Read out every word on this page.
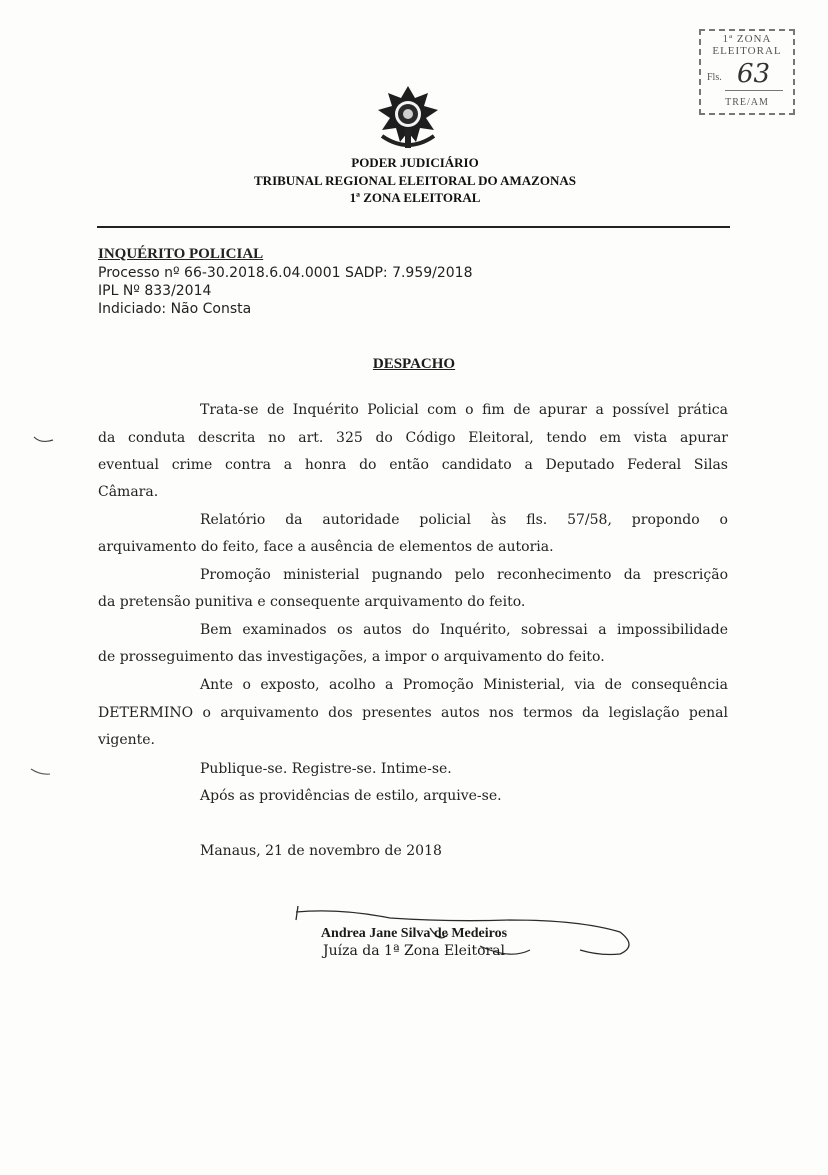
1ª ZONA
ELEITORAL
Fls. 63
TRE/AM
PODER JUDICIÁRIO
TRIBUNAL REGIONAL ELEITORAL DO AMAZONAS
1ª ZONA ELEITORAL
INQUÉRITO POLICIAL
Processo nº 66-30.2018.6.04.0001 SADP: 7.959/2018
IPL Nº 833/2014
Indiciado: Não Consta
DESPACHO
Trata-se de Inquérito Policial com o fim de apurar a possível prática
da conduta descrita no art. 325 do Código Eleitoral, tendo em vista apurar
eventual crime contra a honra do então candidato a Deputado Federal Silas
Câmara.
Relatório da autoridade policial às fls. 57/58, propondo o
arquivamento do feito, face a ausência de elementos de autoria.
Promoção ministerial pugnando pelo reconhecimento da prescrição
da pretensão punitiva e consequente arquivamento do feito.
Bem examinados os autos do Inquérito, sobressai a impossibilidade
de prosseguimento das investigações, a impor o arquivamento do feito.
Ante o exposto, acolho a Promoção Ministerial, via de consequência
DETERMINO o arquivamento dos presentes autos nos termos da legislação penal
vigente.
Publique-se. Registre-se. Intime-se.
Após as providências de estilo, arquive-se.
Manaus, 21 de novembro de 2018
Andrea Jane Silva de Medeiros
Juíza da 1ª Zona Eleitoral
